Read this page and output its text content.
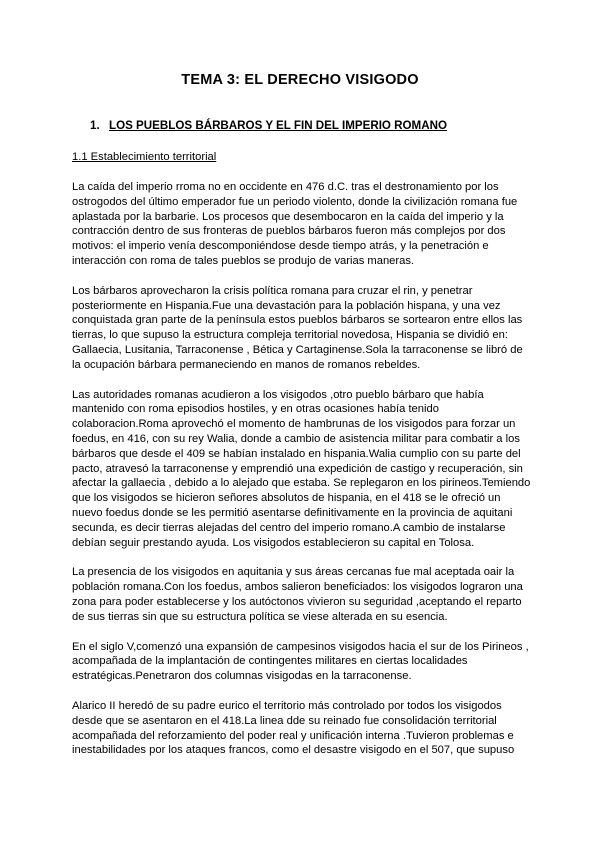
TEMA 3: EL DERECHO VISIGODO
1. LOS PUEBLOS BÁRBAROS Y EL FIN DEL IMPERIO ROMANO
1.1 Establecimiento territorial

La caída del imperio rroma no en occidente en 476 d.C. tras el destronamiento por los
ostrogodos del último emperador fue un periodo violento, donde la civilización romana fue
aplastada por la barbarie. Los procesos que desembocaron en la caída del imperio y la
contracción dentro de sus fronteras de pueblos bárbaros fueron más complejos por dos
motivos: el imperio venía descomponiéndose desde tiempo atrás, y la penetración e
interacción con roma de tales pueblos se produjo de varias maneras.

Los bárbaros aprovecharon la crisis política romana para cruzar el rin, y penetrar
posteriormente en Hispania.Fue una devastación para la población hispana, y una vez
conquistada gran parte de la península estos pueblos bárbaros se sortearon entre ellos las
tierras, lo que supuso la estructura compleja territorial novedosa, Hispania se dividió en:
Gallaecia, Lusitania, Tarraconense , Bética y Cartaginense.Sola la tarraconense se libró de
la ocupación bárbara permaneciendo en manos de romanos rebeldes.

Las autoridades romanas acudieron a los visigodos ,otro pueblo bárbaro que había
mantenido con roma episodios hostiles, y en otras ocasiones había tenido
colaboracion.Roma aprovechó el momento de hambrunas de los visigodos para forzar un
foedus, en 416, con su rey Walia, donde a cambio de asistencia militar para combatir a los
bárbaros que desde el 409 se habían instalado en hispania.Walia cumplio con su parte del
pacto, atravesó la tarraconense y emprendió una expedición de castigo y recuperación, sin
afectar la gallaecia , debido a lo alejado que estaba. Se replegaron en los pirineos.Temiendo
que los visigodos se hicieron señores absolutos de hispania, en el 418 se le ofreció un
nuevo foedus donde se les permitió asentarse definitivamente en la provincia de aquitani
secunda, es decir tierras alejadas del centro del imperio romano.A cambio de instalarse
debían seguir prestando ayuda. Los visigodos establecieron su capital en Tolosa.

La presencia de los visigodos en aquitania y sus áreas cercanas fue mal aceptada oair la
población romana.Con los foedus, ambos salieron beneficiados: los visigodos lograron una
zona para poder establecerse y los autóctonos vivieron su seguridad ,aceptando el reparto
de sus tierras sin que su estructura política se viese alterada en su esencia.

En el siglo V,comenzó una expansión de campesinos visigodos hacia el sur de los Pirineos ,
acompañada de la implantación de contingentes militares en ciertas localidades
estratégicas.Penetraron dos columnas visigodas en la tarraconense.

Alarico II heredó de su padre eurico el territorio más controlado por todos los visigodos
desde que se asentaron en el 418.La linea dde su reinado fue consolidación territorial
acompañada del reforzamiento del poder real y unificación interna .Tuvieron problemas e
inestabilidades por los ataques francos, como el desastre visigodo en el 507, que supuso
